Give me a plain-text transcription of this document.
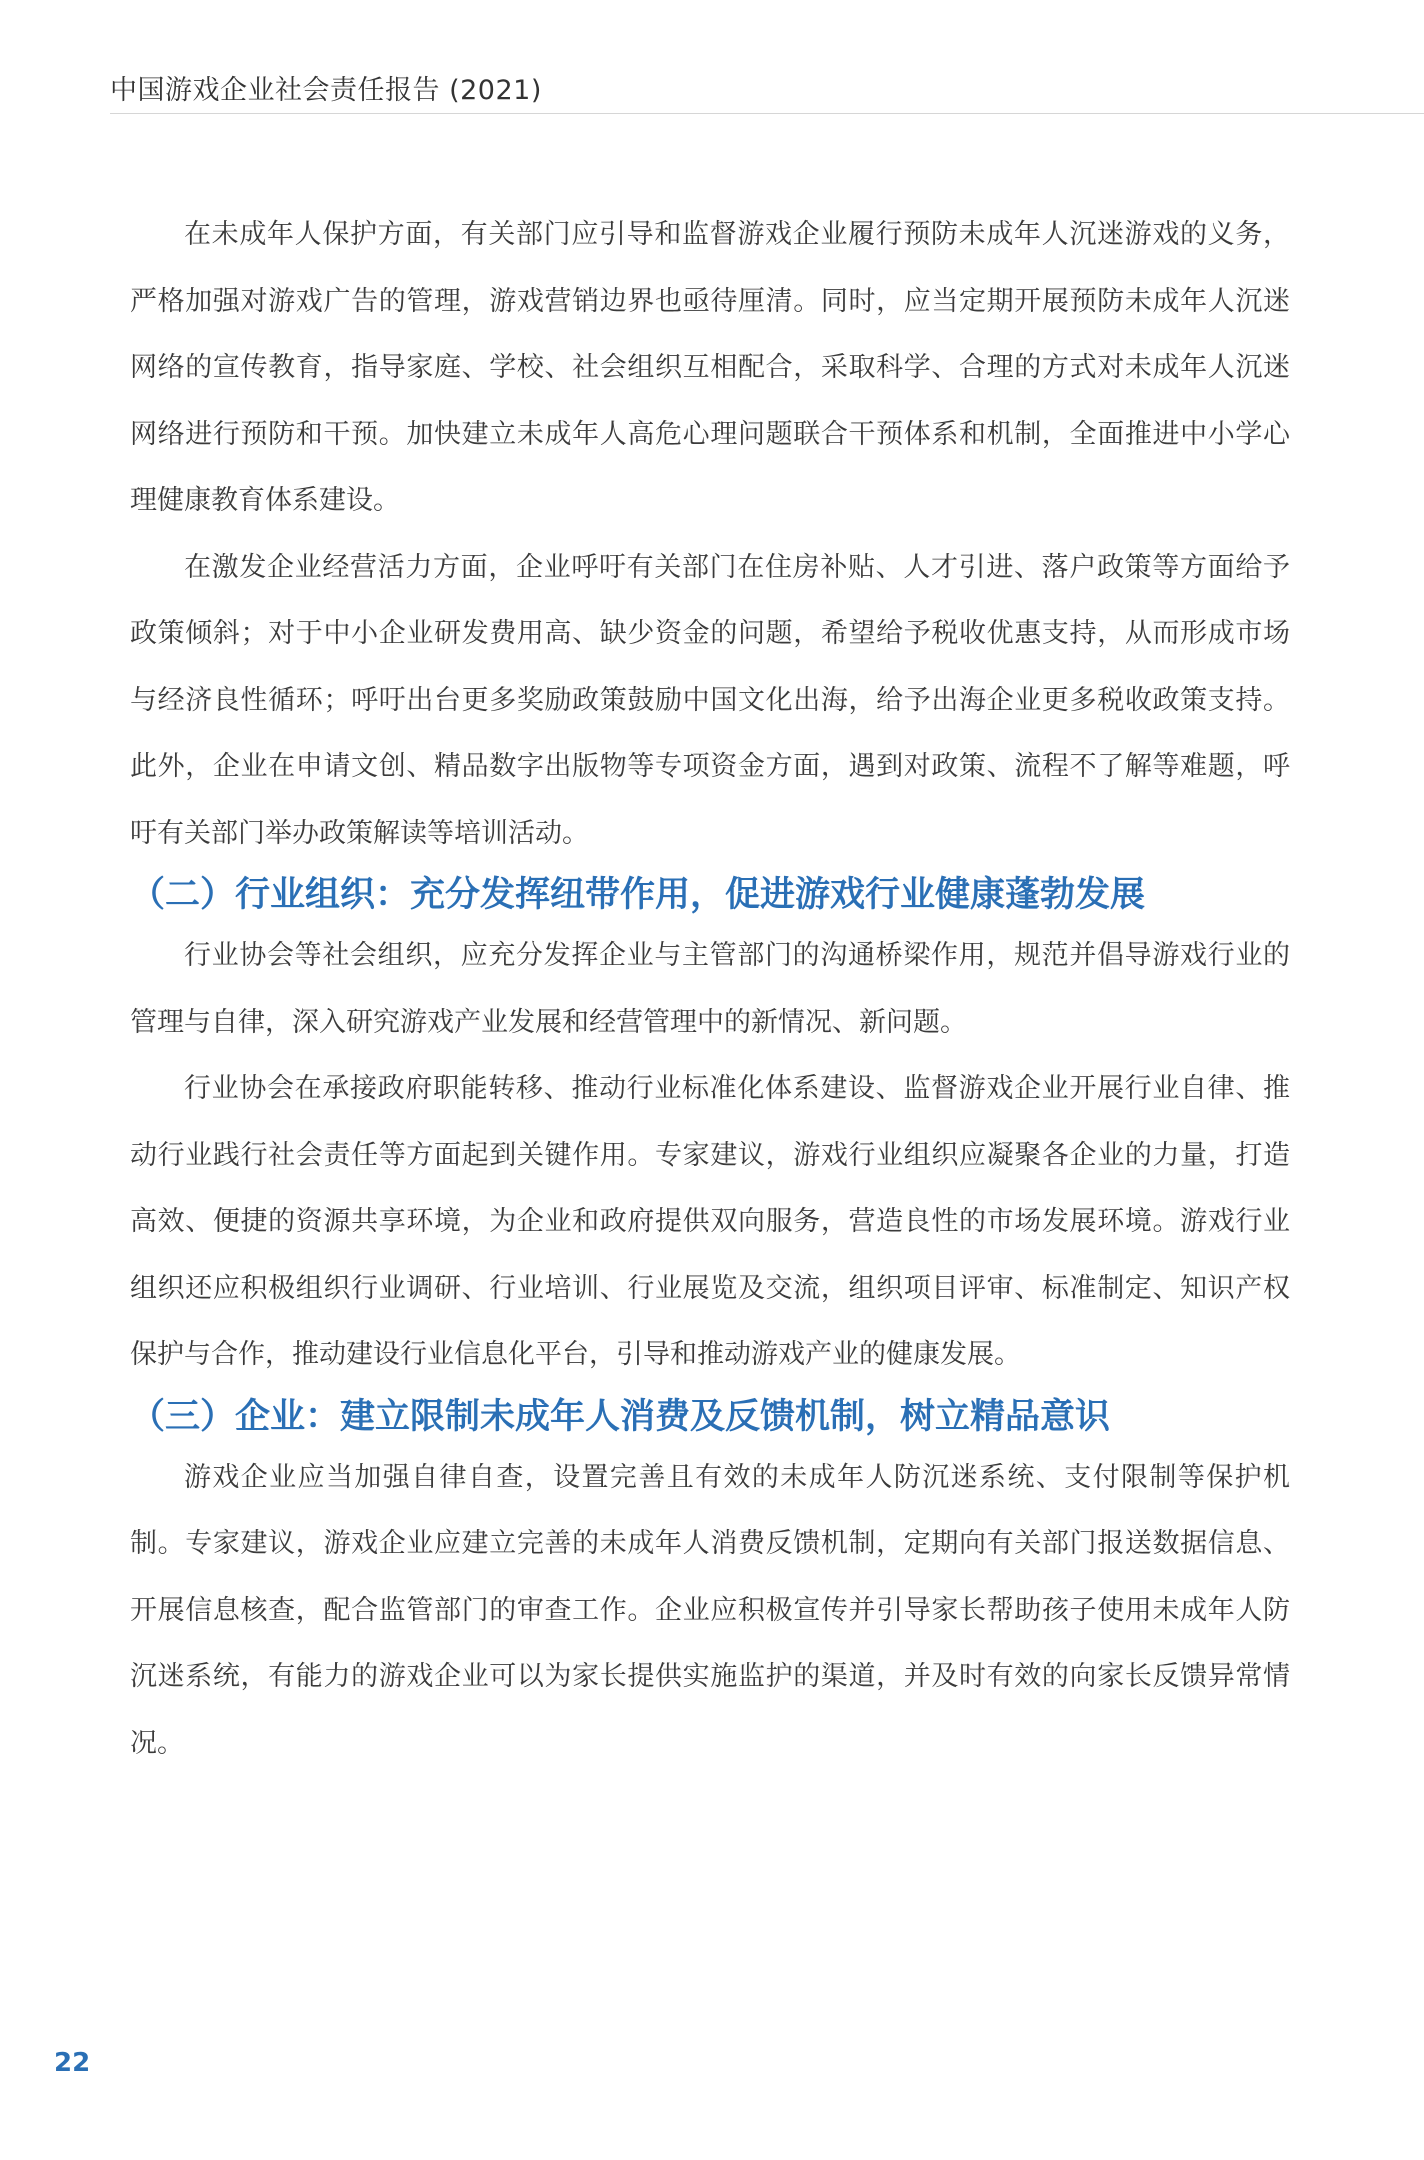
中国游戏企业社会责任报告 (2021)

在未成年人保护方面，有关部门应引导和监督游戏企业履行预防未成年人沉迷游戏的义务，严格加强对游戏广告的管理，游戏营销边界也亟待厘清。同时，应当定期开展预防未成年人沉迷网络的宣传教育，指导家庭、学校、社会组织互相配合，采取科学、合理的方式对未成年人沉迷网络进行预防和干预。加快建立未成年人高危心理问题联合干预体系和机制，全面推进中小学心理健康教育体系建设。

在激发企业经营活力方面，企业呼吁有关部门在住房补贴、人才引进、落户政策等方面给予政策倾斜；对于中小企业研发费用高、缺少资金的问题，希望给予税收优惠支持，从而形成市场与经济良性循环；呼吁出台更多奖励政策鼓励中国文化出海，给予出海企业更多税收政策支持。此外，企业在申请文创、精品数字出版物等专项资金方面，遇到对政策、流程不了解等难题，呼吁有关部门举办政策解读等培训活动。

（二）行业组织：充分发挥纽带作用，促进游戏行业健康蓬勃发展

行业协会等社会组织，应充分发挥企业与主管部门的沟通桥梁作用，规范并倡导游戏行业的管理与自律，深入研究游戏产业发展和经营管理中的新情况、新问题。

行业协会在承接政府职能转移、推动行业标准化体系建设、监督游戏企业开展行业自律、推动行业践行社会责任等方面起到关键作用。专家建议，游戏行业组织应凝聚各企业的力量，打造高效、便捷的资源共享环境，为企业和政府提供双向服务，营造良性的市场发展环境。游戏行业组织还应积极组织行业调研、行业培训、行业展览及交流，组织项目评审、标准制定、知识产权保护与合作，推动建设行业信息化平台，引导和推动游戏产业的健康发展。

（三）企业：建立限制未成年人消费及反馈机制，树立精品意识

游戏企业应当加强自律自查，设置完善且有效的未成年人防沉迷系统、支付限制等保护机制。专家建议，游戏企业应建立完善的未成年人消费反馈机制，定期向有关部门报送数据信息、开展信息核查，配合监管部门的审查工作。企业应积极宣传并引导家长帮助孩子使用未成年人防沉迷系统，有能力的游戏企业可以为家长提供实施监护的渠道，并及时有效的向家长反馈异常情况。

22
